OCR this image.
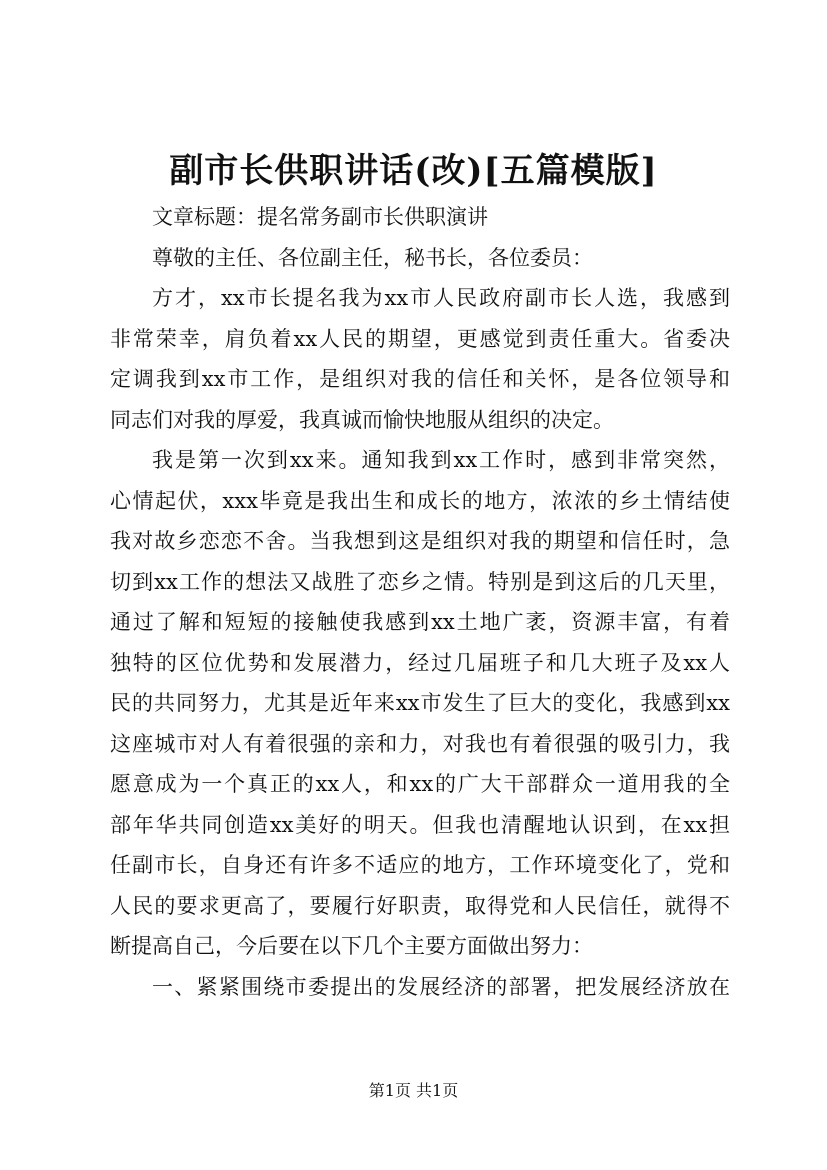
副市长供职讲话(改)[五篇模版]
文章标题：提名常务副市长供职演讲
尊敬的主任、各位副主任，秘书长，各位委员：
方才，xx市长提名我为xx市人民政府副市长人选，我感到
非常荣幸，肩负着xx人民的期望，更感觉到责任重大。省委决
定调我到xx市工作，是组织对我的信任和关怀，是各位领导和
同志们对我的厚爱，我真诚而愉快地服从组织的决定。
我是第一次到xx来。通知我到xx工作时，感到非常突然，
心情起伏，xxx毕竟是我出生和成长的地方，浓浓的乡土情结使
我对故乡恋恋不舍。当我想到这是组织对我的期望和信任时，急
切到xx工作的想法又战胜了恋乡之情。特别是到这后的几天里，
通过了解和短短的接触使我感到xx土地广袤，资源丰富，有着
独特的区位优势和发展潜力，经过几届班子和几大班子及xx人
民的共同努力，尤其是近年来xx市发生了巨大的变化，我感到xx
这座城市对人有着很强的亲和力，对我也有着很强的吸引力，我
愿意成为一个真正的xx人，和xx的广大干部群众一道用我的全
部年华共同创造xx美好的明天。但我也清醒地认识到，在xx担
任副市长，自身还有许多不适应的地方，工作环境变化了，党和
人民的要求更高了，要履行好职责，取得党和人民信任，就得不
断提高自己，今后要在以下几个主要方面做出努力：
一、紧紧围绕市委提出的发展经济的部署，把发展经济放在
第1页 共1页
